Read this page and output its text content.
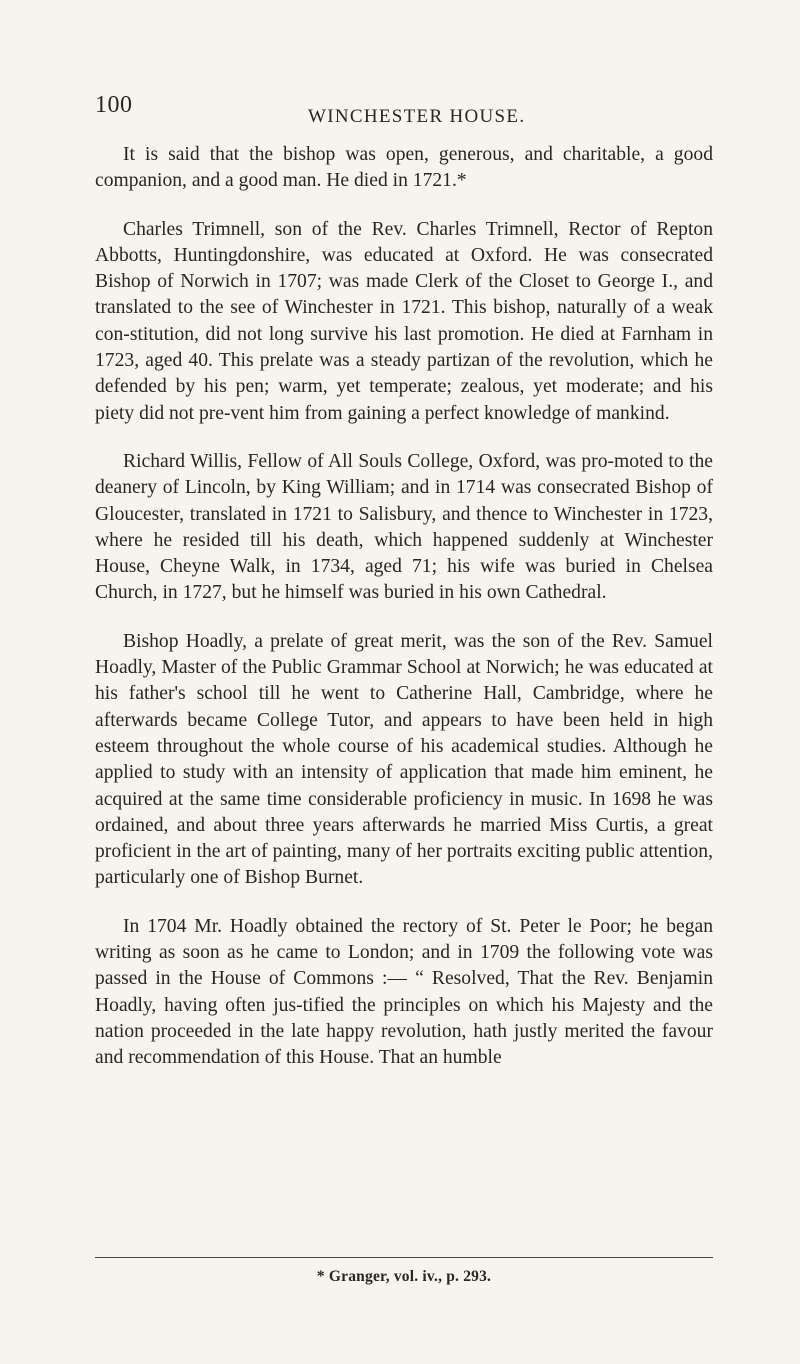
100	WINCHESTER HOUSE.

It is said that the bishop was open, generous, and charitable, a good companion, and a good man. He died in 1721.*

Charles Trimnell, son of the Rev. Charles Trimnell, Rector of Repton Abbotts, Huntingdonshire, was educated at Oxford. He was consecrated Bishop of Norwich in 1707; was made Clerk of the Closet to George I., and translated to the see of Winchester in 1721. This bishop, naturally of a weak con-stitution, did not long survive his last promotion. He died at Farnham in 1723, aged 40. This prelate was a steady partizan of the revolution, which he defended by his pen; warm, yet temperate; zealous, yet moderate; and his piety did not pre-vent him from gaining a perfect knowledge of mankind.

Richard Willis, Fellow of All Souls College, Oxford, was pro-moted to the deanery of Lincoln, by King William; and in 1714 was consecrated Bishop of Gloucester, translated in 1721 to Salisbury, and thence to Winchester in 1723, where he resided till his death, which happened suddenly at Winchester House, Cheyne Walk, in 1734, aged 71; his wife was buried in Chelsea Church, in 1727, but he himself was buried in his own Cathedral.

Bishop Hoadly, a prelate of great merit, was the son of the Rev. Samuel Hoadly, Master of the Public Grammar School at Norwich; he was educated at his father's school till he went to Catherine Hall, Cambridge, where he afterwards became College Tutor, and appears to have been held in high esteem throughout the whole course of his academical studies. Although he applied to study with an intensity of application that made him eminent, he acquired at the same time considerable proficiency in music. In 1698 he was ordained, and about three years afterwards he married Miss Curtis, a great proficient in the art of painting, many of her portraits exciting public attention, particularly one of Bishop Burnet.

In 1704 Mr. Hoadly obtained the rectory of St. Peter le Poor; he began writing as soon as he came to London; and in 1709 the following vote was passed in the House of Commons :— “ Resolved, That the Rev. Benjamin Hoadly, having often jus-tified the principles on which his Majesty and the nation proceeded in the late happy revolution, hath justly merited the favour and recommendation of this House. That an humble

* Granger, vol. iv., p. 293.
